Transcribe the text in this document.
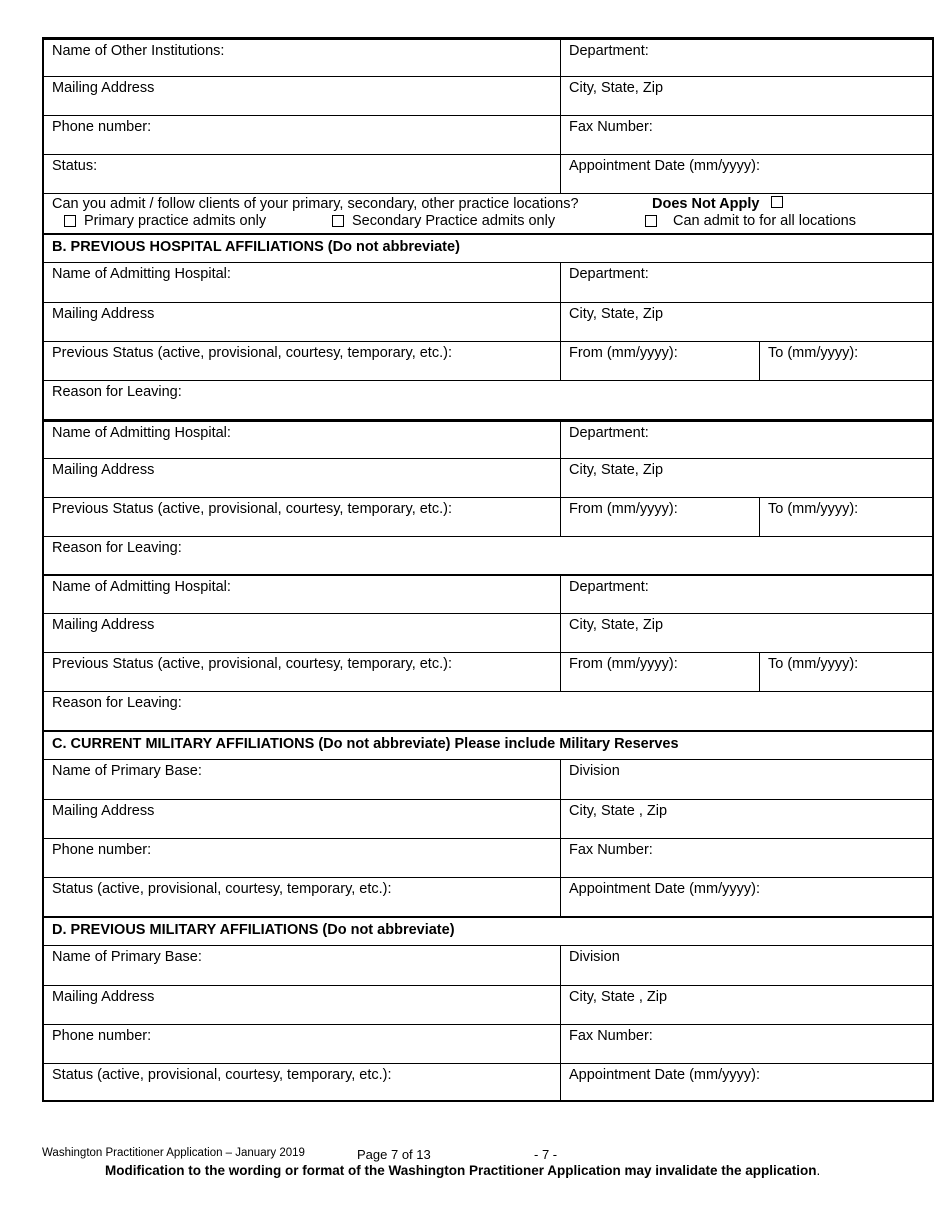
Name of Other Institutions:	Department:
Mailing Address	City, State, Zip
Phone number:	Fax Number:
Status:	Appointment Date (mm/yyyy):
Can you admit / follow clients of your primary, secondary, other practice locations?	Does Not Apply
Primary practice admits only	Secondary Practice admits only	Can admit to for all locations
B. PREVIOUS HOSPITAL AFFILIATIONS (Do not abbreviate)
Name of Admitting Hospital:	Department:
Mailing Address	City, State, Zip
Previous Status (active, provisional, courtesy, temporary, etc.):	From (mm/yyyy):	To (mm/yyyy):
Reason for Leaving:
Name of Admitting Hospital:	Department:
Mailing Address	City, State, Zip
Previous Status (active, provisional, courtesy, temporary, etc.):	From (mm/yyyy):	To (mm/yyyy):
Reason for Leaving:
Name of Admitting Hospital:	Department:
Mailing Address	City, State, Zip
Previous Status (active, provisional, courtesy, temporary, etc.):	From (mm/yyyy):	To (mm/yyyy):
Reason for Leaving:
C. CURRENT MILITARY AFFILIATIONS (Do not abbreviate) Please include Military Reserves
Name of Primary Base:	Division
Mailing Address	City, State , Zip
Phone number:	Fax Number:
Status (active, provisional, courtesy, temporary, etc.):	Appointment Date (mm/yyyy):
D. PREVIOUS MILITARY AFFILIATIONS (Do not abbreviate)
Name of Primary Base:	Division
Mailing Address	City, State , Zip
Phone number:	Fax Number:
Status (active, provisional, courtesy, temporary, etc.):	Appointment Date (mm/yyyy):
Washington Practitioner Application – January 2019	Page 7 of 13	- 7 -
Modification to the wording or format of the Washington Practitioner Application may invalidate the application.
